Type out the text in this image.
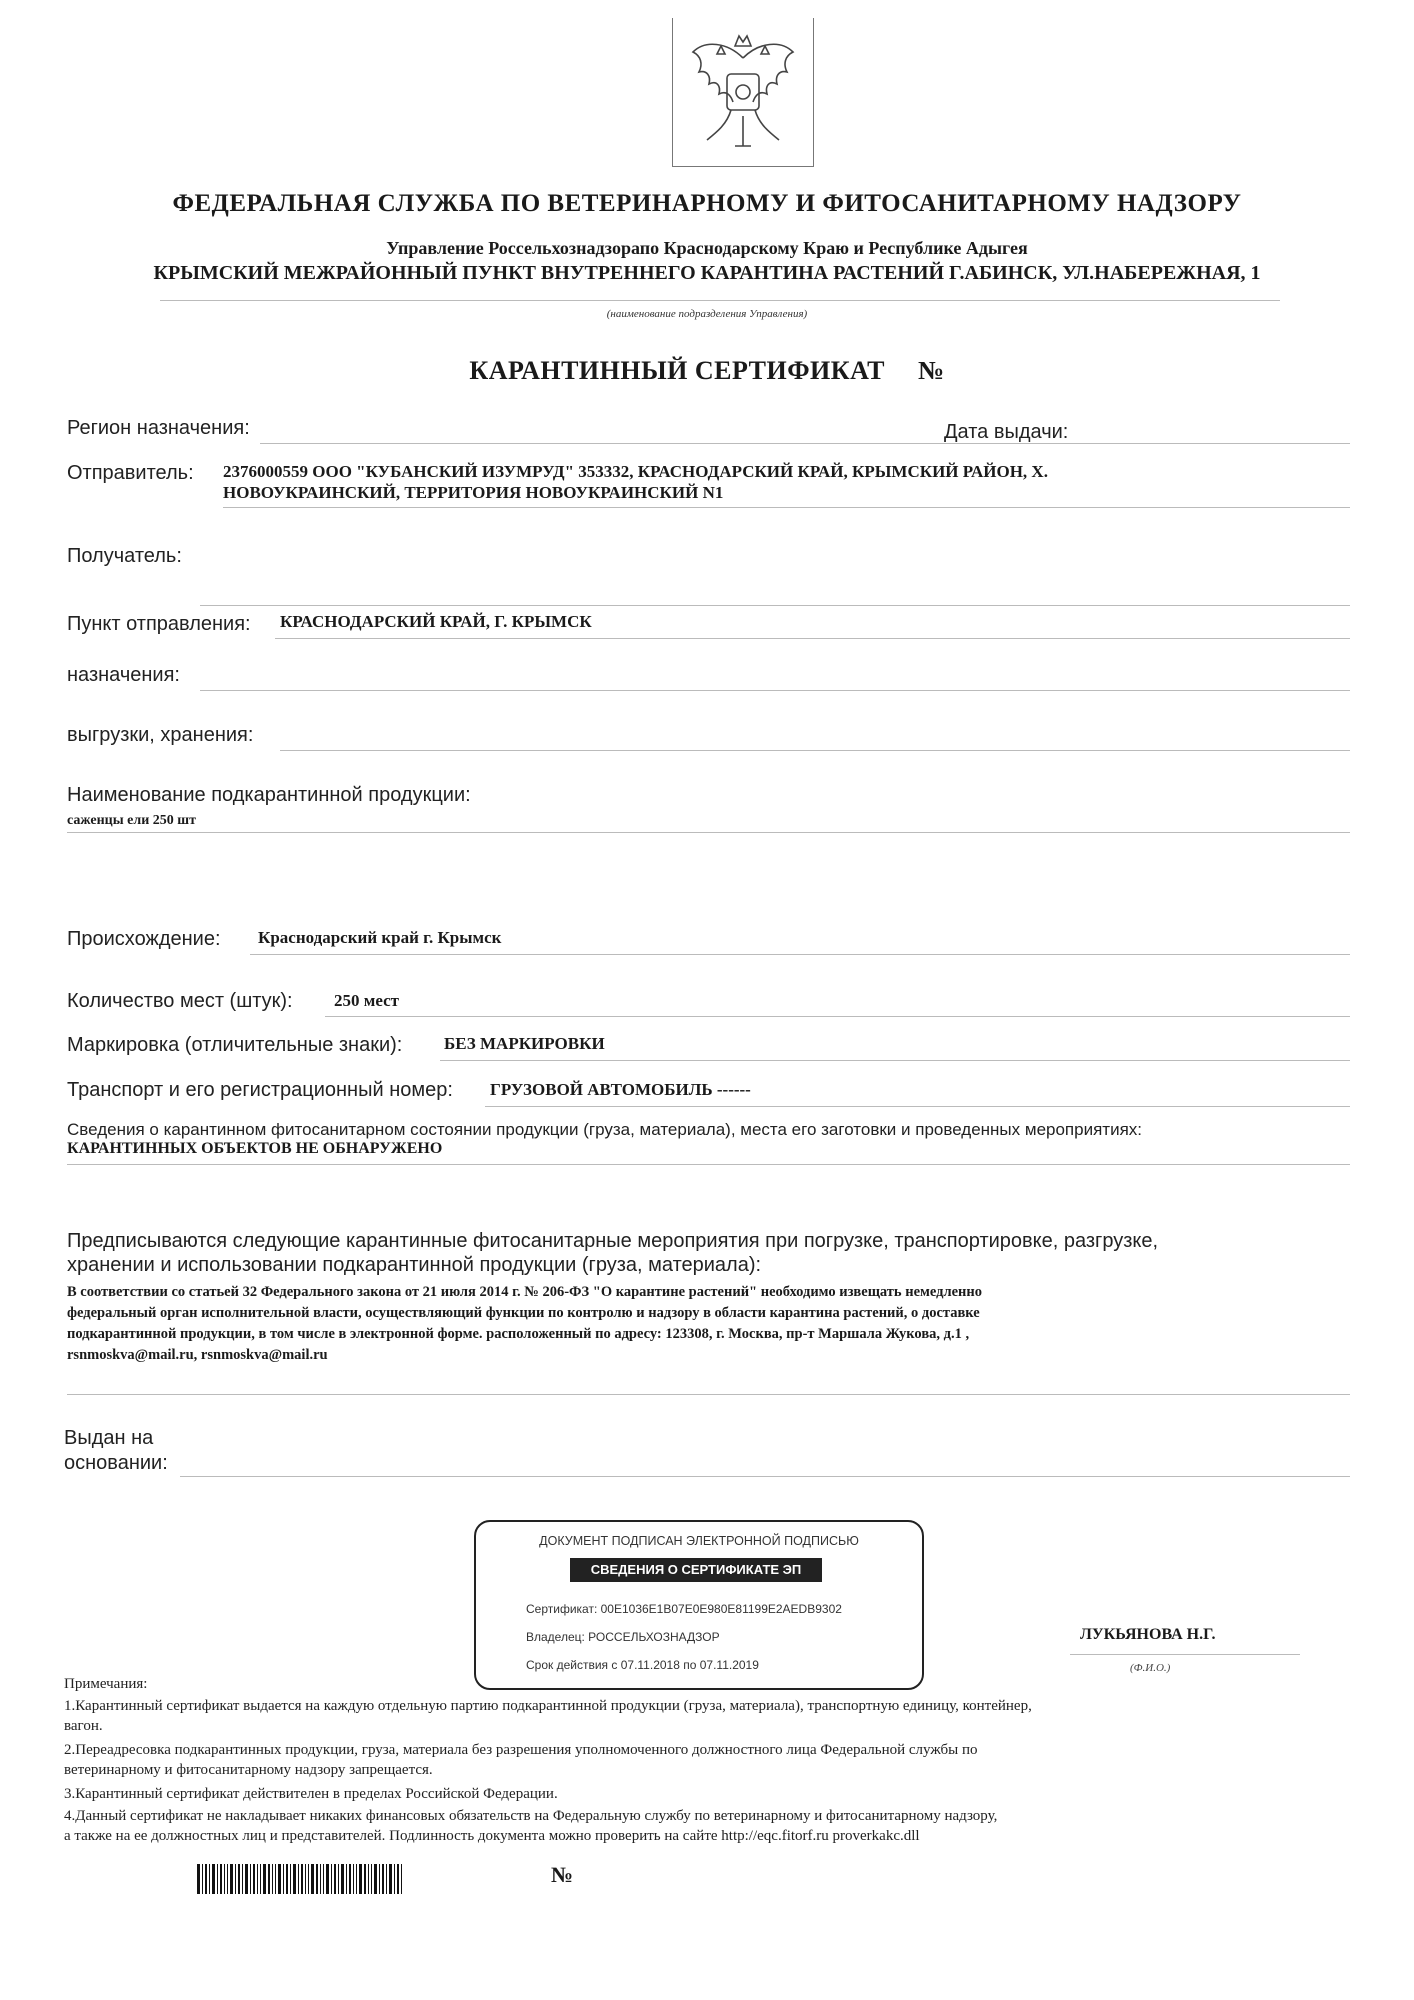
ФЕДЕРАЛЬНАЯ СЛУЖБА ПО ВЕТЕРИНАРНОМУ И ФИТОСАНИТАРНОМУ НАДЗОРУ
Управление Россельхознадзорапо Краснодарскому Краю и Республике Адыгея
КРЫМСКИЙ МЕЖРАЙОННЫЙ ПУНКТ ВНУТРЕННЕГО КАРАНТИНА РАСТЕНИЙ Г.АБИНСК, УЛ.НАБЕРЕЖНАЯ, 1
(наименование подразделения Управления)
КАРАНТИННЫЙ СЕРТИФИКАТ №
Регион назначения:	Дата выдачи:
Отправитель: 2376000559 ООО "КУБАНСКИЙ ИЗУМРУД" 353332, КРАСНОДАРСКИЙ КРАЙ, КРЫМСКИЙ РАЙОН, Х.
НОВОУКРАИНСКИЙ, ТЕРРИТОРИЯ НОВОУКРАИНСКИЙ N1
Получатель:
Пункт отправления: КРАСНОДАРСКИЙ КРАЙ, Г. КРЫМСК
назначения:
выгрузки, хранения:
Наименование подкарантинной продукции:
саженцы ели 250 шт
Происхождение: Краснодарский край г. Крымск
Количество мест (штук): 250 мест
Маркировка (отличительные знаки): БЕЗ МАРКИРОВКИ
Транспорт и его регистрационный номер: ГРУЗОВОЙ АВТОМОБИЛЬ ------
Сведения о карантинном фитосанитарном состоянии продукции (груза, материала), места его заготовки и проведенных мероприятиях:
КАРАНТИННЫХ ОБЪЕКТОВ НЕ ОБНАРУЖЕНО
Предписываются следующие карантинные фитосанитарные мероприятия при погрузке, транспортировке, разгрузке,
хранении и использовании подкарантинной продукции (груза, материала):
В соответствии со статьей 32 Федерального закона от 21 июля 2014 г. № 206-ФЗ "О карантине растений" необходимо извещать немедленно
федеральный орган исполнительной власти, осуществляющий функции по контролю и надзору в области карантина растений, о доставке
подкарантинной продукции, в том числе в электронной форме. расположенный по адресу: 123308, г. Москва, пр-т Маршала Жукова, д.1 ,
rsnmoskva@mail.ru, rsnmoskva@mail.ru
Выдан на
основании:
ДОКУМЕНТ ПОДПИСАН ЭЛЕКТРОННОЙ ПОДПИСЬЮ
СВЕДЕНИЯ О СЕРТИФИКАТЕ ЭП
Сертификат: 00E1036E1B07E0E980E81199E2AEDB9302
Владелец: РОССЕЛЬХОЗНАДЗОР
Срок действия с 07.11.2018 по 07.11.2019
ЛУКЬЯНОВА Н.Г.
(Ф.И.О.)
Примечания:
1.Карантинный сертификат выдается на каждую отдельную партию подкарантинной продукции (груза, материала), транспортную единицу, контейнер,
вагон.
2.Переадресовка подкарантинных продукции, груза, материала без разрешения уполномоченного должностного лица Федеральной службы по
ветеринарному и фитосанитарному надзору запрещается.
3.Карантинный сертификат действителен в пределах Российской Федерации.
4.Данный сертификат не накладывает никаких финансовых обязательств на Федеральную службу по ветеринарному и фитосанитарному надзору,
а также на ее должностных лиц и представителей. Подлинность документа можно проверить на сайте http://eqc.fitorf.ru proverkakc.dll
№
